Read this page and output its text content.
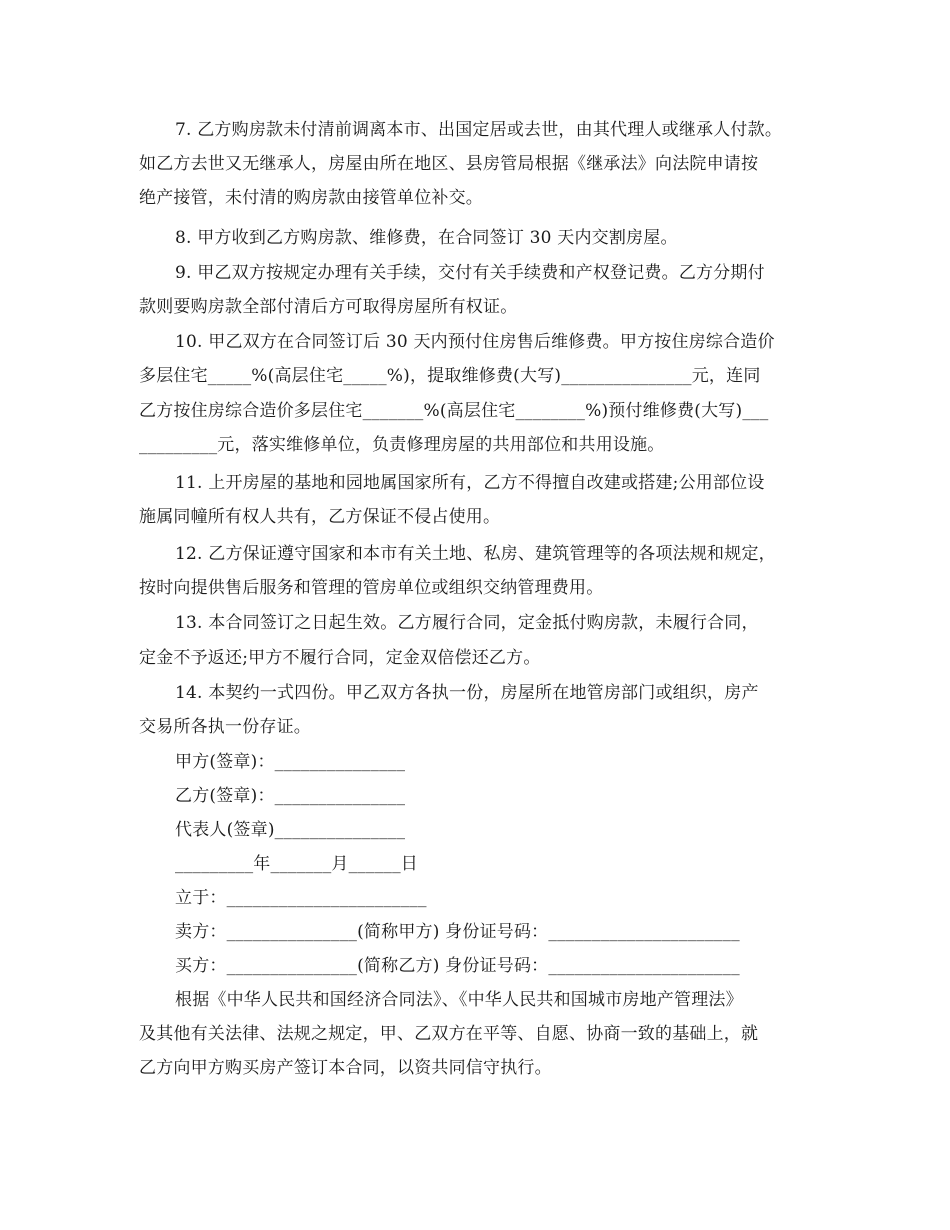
7. 乙方购房款未付清前调离本市、出国定居或去世，由其代理人或继承人付款。
如乙方去世又无继承人，房屋由所在地区、县房管局根据《继承法》向法院申请按
绝产接管，未付清的购房款由接管单位补交。
8. 甲方收到乙方购房款、维修费，在合同签订 30 天内交割房屋。
9. 甲乙双方按规定办理有关手续，交付有关手续费和产权登记费。乙方分期付
款则要购房款全部付清后方可取得房屋所有权证。
10. 甲乙双方在合同签订后 30 天内预付住房售后维修费。甲方按住房综合造价
多层住宅_____%(高层住宅_____%)，提取维修费(大写)_______________元，连同
乙方按住房综合造价多层住宅_______%(高层住宅________%)预付维修费(大写)___
_________元，落实维修单位，负责修理房屋的共用部位和共用设施。
11. 上开房屋的基地和园地属国家所有，乙方不得擅自改建或搭建;公用部位设
施属同幢所有权人共有，乙方保证不侵占使用。
12. 乙方保证遵守国家和本市有关土地、私房、建筑管理等的各项法规和规定，
按时向提供售后服务和管理的管房单位或组织交纳管理费用。
13. 本合同签订之日起生效。乙方履行合同，定金抵付购房款，未履行合同，
定金不予返还;甲方不履行合同，定金双倍偿还乙方。
14. 本契约一式四份。甲乙双方各执一份，房屋所在地管房部门或组织，房产
交易所各执一份存证。
甲方(签章)：_______________
乙方(签章)：_______________
代表人(签章)_______________
_________年_______月______日
立于：_______________________
卖方：_______________(简称甲方) 身份证号码：______________________
买方：_______________(简称乙方) 身份证号码：______________________
根据《中华人民共和国经济合同法》、《中华人民共和国城市房地产管理法》
及其他有关法律、法规之规定，甲、乙双方在平等、自愿、协商一致的基础上，就
乙方向甲方购买房产签订本合同，以资共同信守执行。
